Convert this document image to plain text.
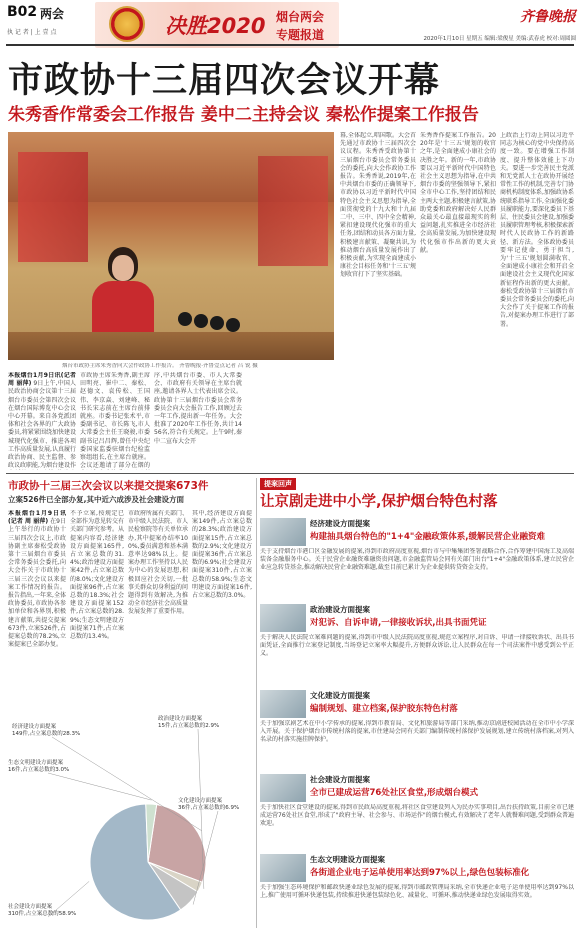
B02 两会
执 记 者 | 上 壹 点	决胜2020 烟台两会
专题报道
齐鲁晚报
2020年1月10日 星期五 编辑:梁俊星 美编:武春虎 校对:周圆圆
市政协十三届四次会议开幕
朱秀香作常委会工作报告 姜中二主持会议 秦松作提案工作报告
烟台市政协主席朱秀香向大会作政协工作报告。 齐鲁晚报·齐鲁壹点记者 吕 锐 摄
本报烟台1月9日讯(记者 周 丽萍) 9日上午,中国人民政治协商会议第十三届烟台市委员会第四次会议在烟台国际博览中心会议中心开幕。来自各党派团体和社会各界的广大政协委员,将紧紧围绕加快建设城现代化强市、推进各项工作高质量发展,认真履行政治协商、民主监督、参政议政职能,为烟台建设作
市政协主席朱秀香,副主席田明亮、崔中二、秦松、赵德文、袁传松、王国伟、李京焱、刘建峰、秘书长宋志前在主席台前排就座。市委书记张术平,市委副书记、市长陈飞,市人大常委会主任王晓骏,市委副书记吕昌辉,曾任中央纪委国家监委驻烟台纪检监察组组长,在主席台就座。会议还邀请了部分在烟的
序,中共烟台市委、市人大常委会、市政府有关领导在主席台就座,邀请各界人士代表出席会议。政协第十三届烟台市委员会常务委员会向大会报告工作,回顾过去一年工作,提出新一年任务。大会批准了2020年工作任务,共计1456名,符合有关规定。上午9时,秦中二宣布大会开
幕,全体起立,唱国歌。大会首先通过市政协十三届四次会议议程。朱秀香受政协第十三届烟台市委员会常务委员会的委托,向大会作政协工作报告。朱秀香说,2019年,在中共烟台市委的正确领导下,市政协以习近平新时代中国特色社会主义思想为指导,全面贯彻党的十九大和十九届二中、三中、四中全会精神,紧扣建设现代化强市的重大任务,团结和动员各方面力量,积极建言献策、凝聚共识,为推动烟台高质量发展作出了积极贡献,为实现全面建成小康社会目标任务和'十三五'规划收官打下了坚实基础。
朱秀香作提案工作报告。2020年是'十三五'规划的收官之年,是全面建成小康社会的决胜之年。新的一年,市政协要以习近平新时代中国特色社会主义思想为指导,在中共烟台市委的坚强领导下,紧扣全市中心工作,坚持团结和民主两大主题,积极建言献策,协助党委和政府解决好人民群众最关心最直接最现实的利益问题,扎实推进全市经济社会高质量发展,为加快建设现代化强市作出新的更大贡献。
上政治上行动上同以习近平同志为核心的党中央保持高度一致。要在增强工作制度、提升整体效能上下功夫。要进一步完善民主党派和无党派人士在政协开展经常性工作的机制,完善专门协商机构制度体系,加强政协系统联系指导工作,全面强化委员履职能力,要深化委员下基层、住民委员会建设,加强委员履职管理考核,积极探索新时代人民政协工作的新路径、新方法。全体政协委员要牢记使命、勇于担当,为'十三五'规划圆满收官、全面建成小康社会和开启全面建设社会主义现代化国家新征程作出新的更大贡献。秦松受政协第十三届烟台市委员会常务委员会的委托,向大会作了关于提案工作的报告,对提案办理工作进行了部署。
市政协十三届三次会议以来提交提案673件
立案526件已全部办复,其中近六成涉及社会建设方面
本报烟台1月9日讯(记者 周 丽萍) 在9日上午举行的市政协十三届四次会议上,市政协副主席秦松受政协第十三届烟台市委员会常务委员会委托,向大会作关于市政协十三届三次会议以来提案工作情况的报告。报告指出,一年来,全体政协委员,市政协各参加单位和各界别,积极建言献策,共提交提案673件,立案526件,占提案总数的78.2%,立案提案已全部办复。
不予立案,按规定已全部作为意见转交有关部门研究参考。从提案内容看,经济建设方面提案165件,占立案总数的31.4%;政治建设方面提案42件,占立案总数的8.0%;文化建设方面提案96件,占立案总数的18.3%;社会建设方面提案152件,占立案总数的28.9%;生态文明建设方面提案71件,占立案总数的13.4%。
市政府所属有关部门、市中级人民法院、市人民检察院等有关单位承办,其中提案办结率100%,委员满意和基本满意率达98%以上。提案办理工作坚持以人民为中心的发展思想,积极回应社会关切,一批事关群众切身利益的问题得到有效解决,为推动全市经济社会高质量发展发挥了重要作用。
其中,经济建设方面提案149件,占立案总数的28.3%;政治建设方面提案15件,占立案总数的2.9%;文化建设方面提案36件,占立案总数的6.9%;社会建设方面提案310件,占立案总数的58.9%;生态文明建设方面提案16件,占立案总数的3.0%。
经济建设方面提案
149件,占立案总数的28.3%
政治建设方面提案
15件,占立案总数的2.9%
文化建设方面提案
36件,占立案总数的6.9%
社会建设方面提案
310件,占立案总数的58.9%
生态文明建设方面提案
16件,占立案总数的3.0%
提案回声
让京剧走进中小学,保护烟台特色村落
经济建设方面提案
构建抽具烟台特色的"1+4"金融政策体系,缓解民营企业融资难
关于支持烟台市港口区金融发展的提案,得到市政府高度重视,烟台市与中集集团签署战略合作,合作筹建中国海工及高端装备金融服务中心。关于民营企业融资难融资贵问题,市金融监管局会同有关部门出台"1+4"金融政策体系,建立民营企业应急转贷基金,推动解决民营企业融资难题,截至目前已累计为企业提供转贷资金支持。
政治建设方面提案
对犯诉、自诉申请,一律接收诉状,出具书面凭证
关于解决人民法院立案难问题的提案,得到市中级人民法院高度重视,规范立案程序,对自诉、申请一律接收诉状、出具书面凭证,全面推行立案登记制度,当场登记立案率大幅提升,方便群众诉讼,让人民群众在每一个司法案件中感受到公平正义。
文化建设方面提案
编制规划、建立档案,保护胶东特色村落
关于加强京剧艺术在中小学传承的提案,得到市教育局、文化和旅游局等部门采纳,推动京剧进校园活动在全市中小学深入开展。关于保护烟台市传统村落的提案,市住建局会同有关部门编制传统村落保护发展规划,建立传统村落档案,对列入名录的村落实施挂牌保护。
社会建设方面提案
全市已建成运营76处社区食堂,形成烟台模式
关于加快社区食堂建设的提案,得到市民政局高度重视,将社区食堂建设列入为民办实事项目,出台扶持政策,目前全市已建成运营76处社区食堂,形成了"政府主导、社会参与、市场运作"的烟台模式,有效解决了老年人就餐难问题,受到群众普遍欢迎。
生态文明建设方面提案
各街道企业电子运单使用率达到97%以上,绿色包装标准化
关于加强生态环境保护和邮政快递业绿色发展的提案,得到市邮政管理局采纳,全市快递企业电子运单使用率达到97%以上,推广使用可循环快递包装,持续推进快递包装绿色化、减量化、可循环,推动快递业绿色发展取得实效。
